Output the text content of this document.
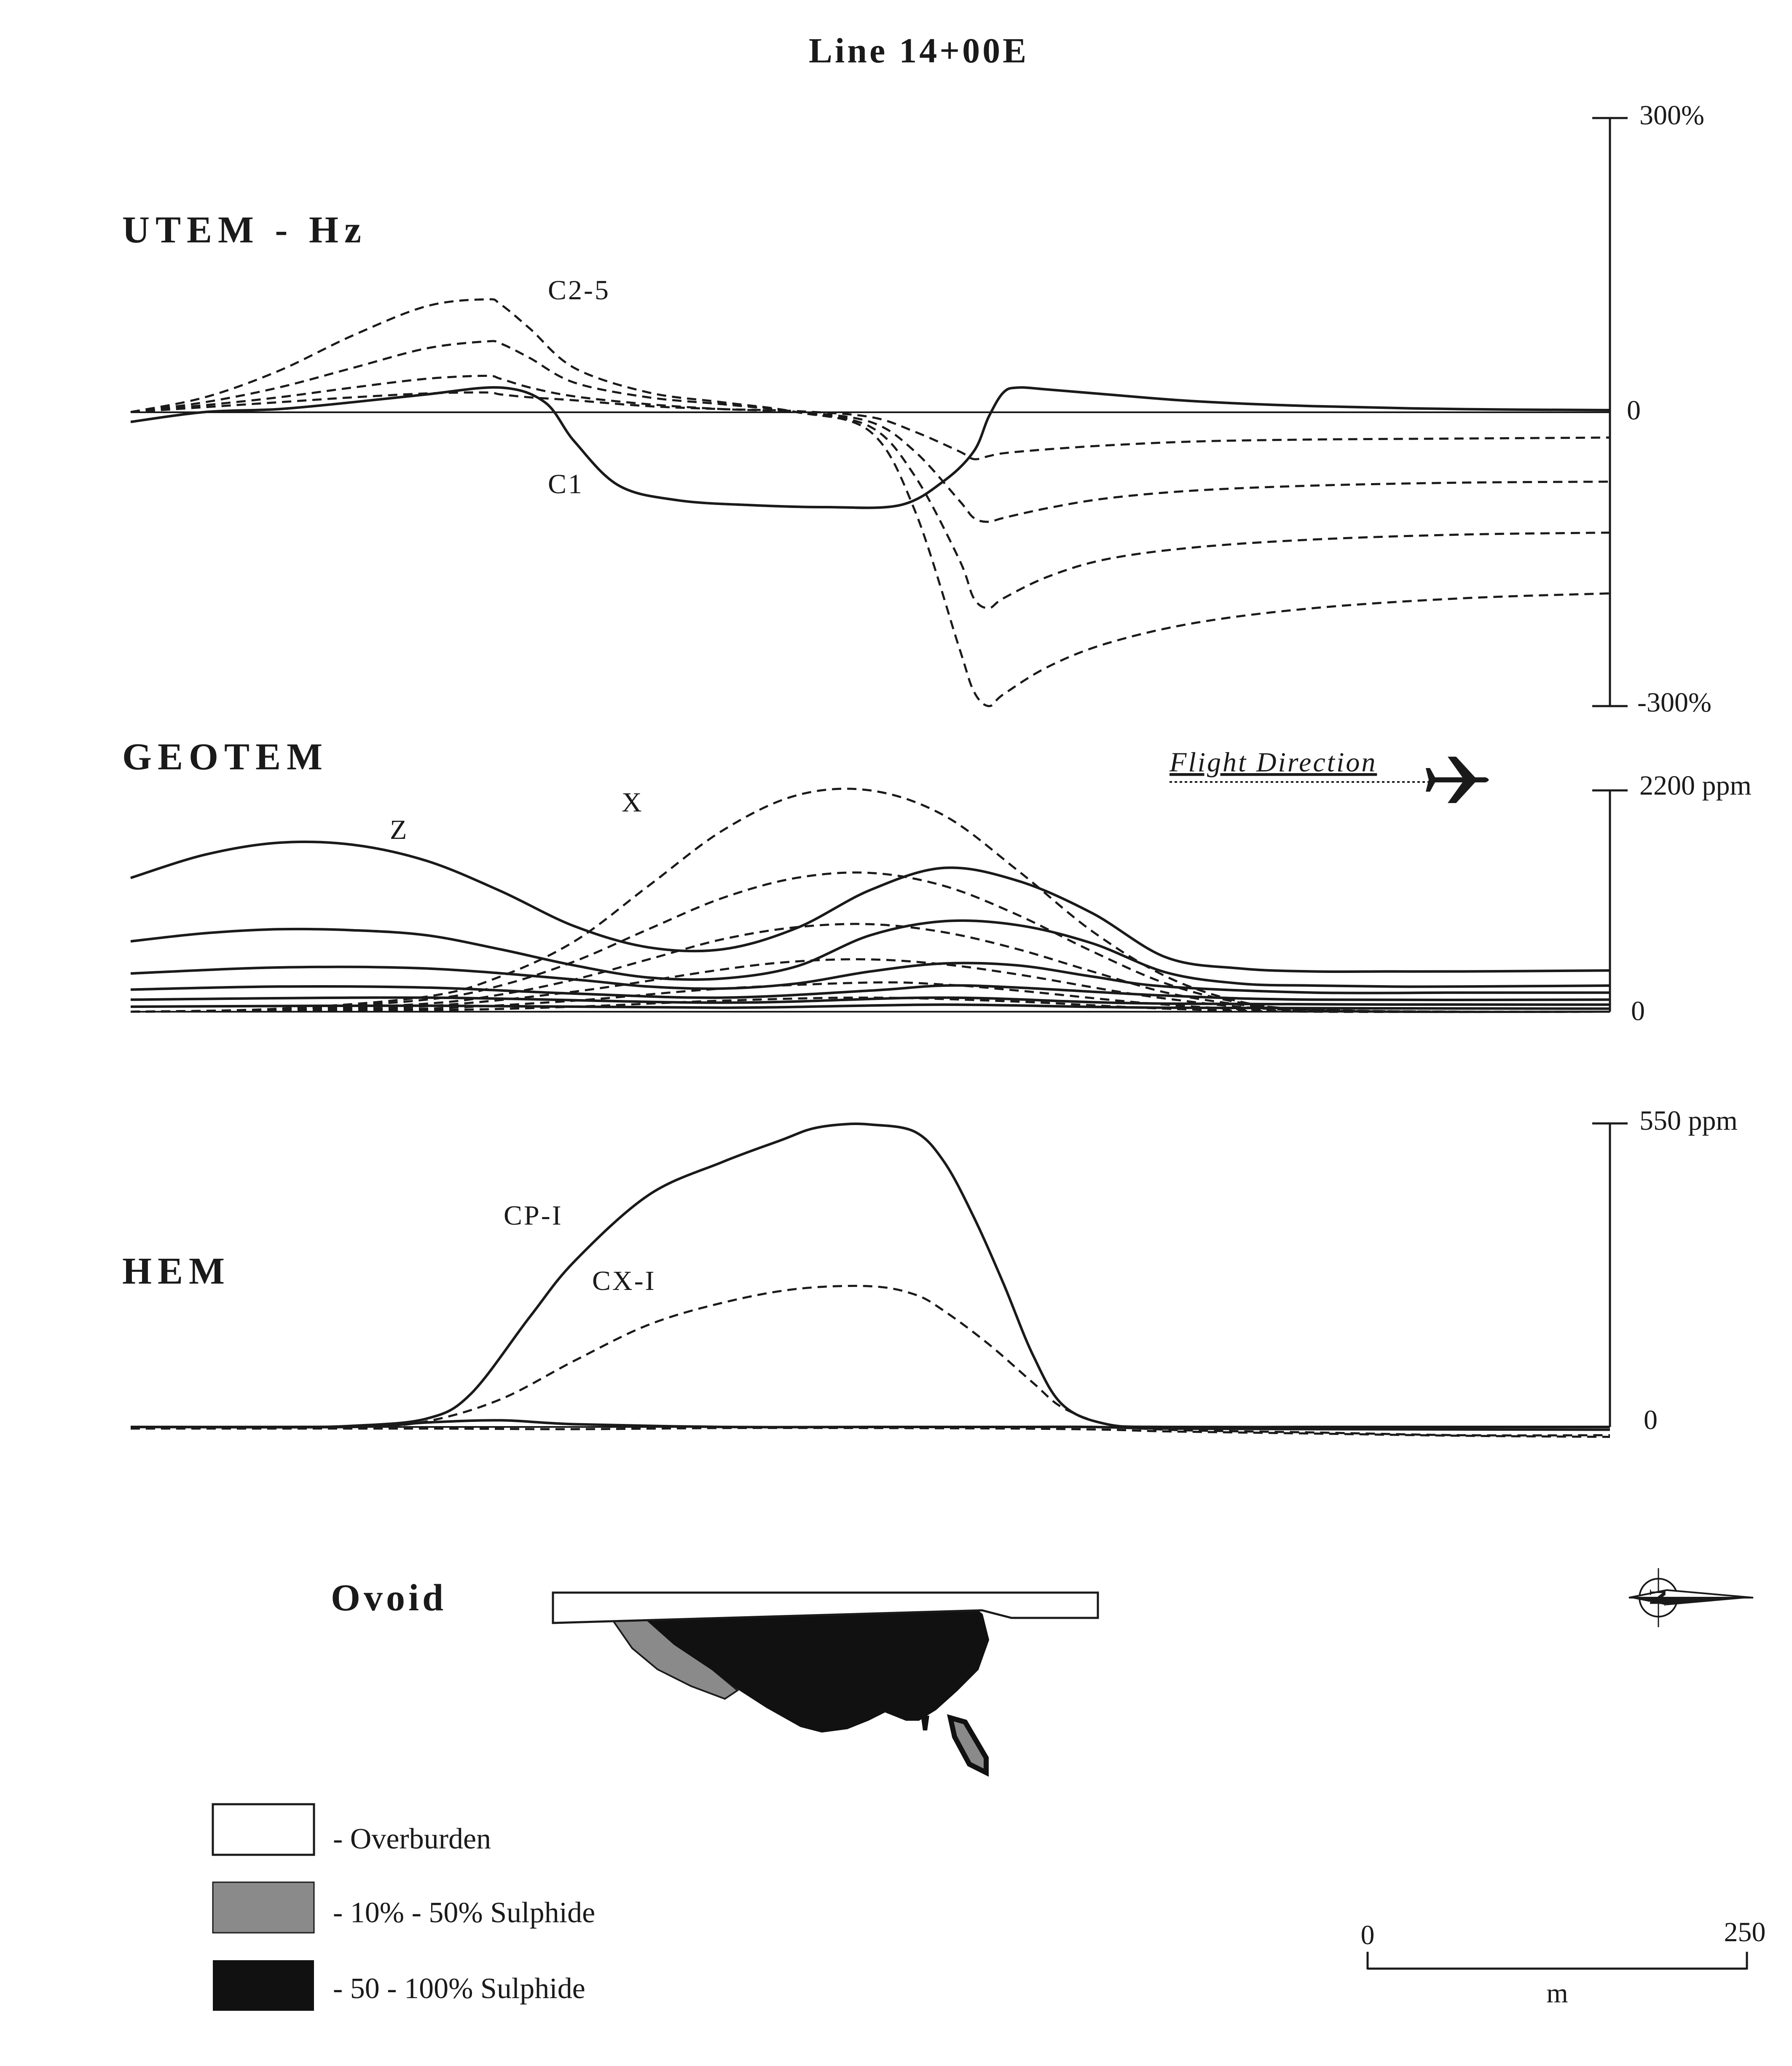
Line 14+00E
UTEM - Hz
GEOTEM
HEM
300%
0
-300%
C2-5
C1
2200 ppm
0
Z
X
Flight Direction
550 ppm
0
CP-I
CX-I
Ovoid	N
- Overburden
- 10% - 50% Sulphide
- 50 - 100% Sulphide
0	250
m
